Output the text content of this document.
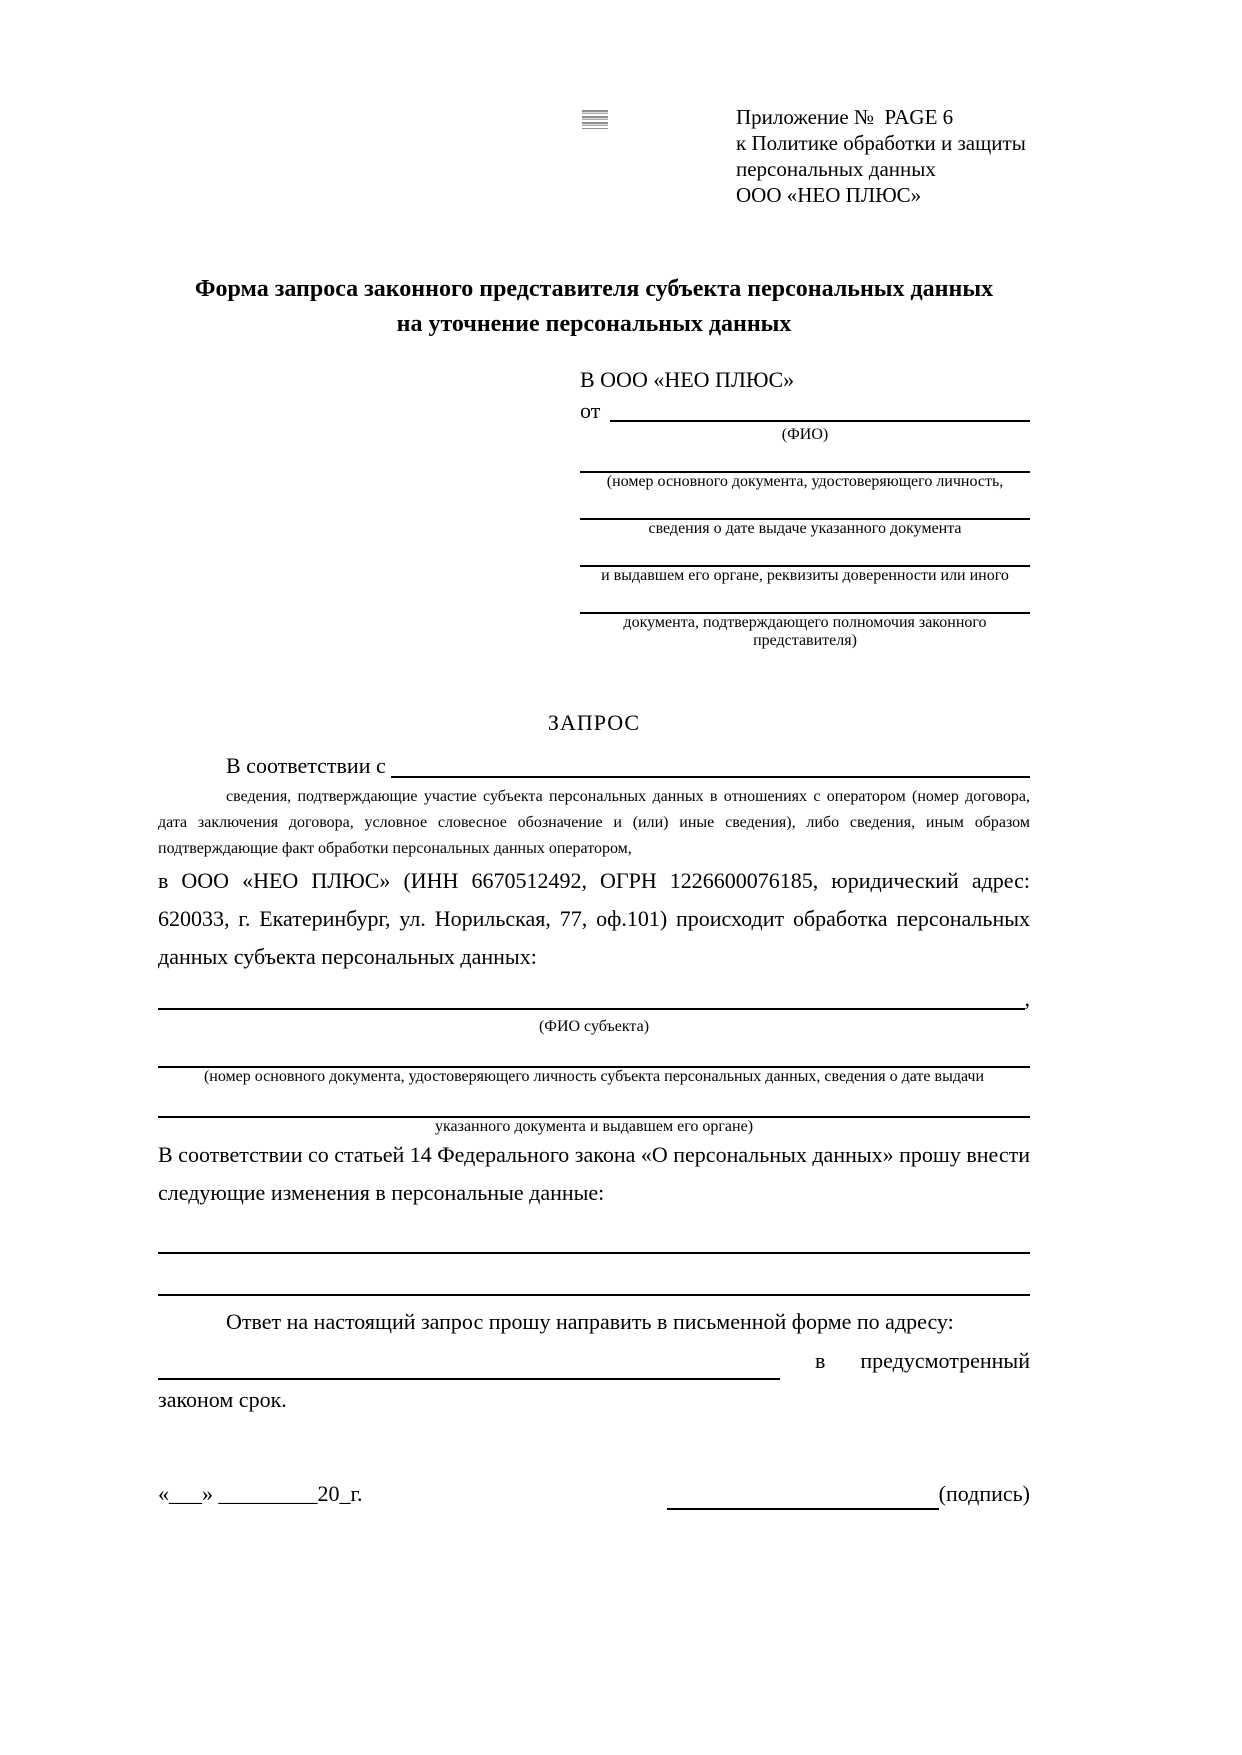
Приложение №  PAGE 6
к Политике обработки и защиты
персональных данных
ООО «НЕО ПЛЮС»
Форма запроса законного представителя субъекта персональных данных
на уточнение персональных данных
В ООО «НЕО ПЛЮС»
от
(ФИО)
(номер основного документа, удостоверяющего личность,
сведения о дате выдаче указанного документа
и выдавшем его органе, реквизиты доверенности или иного
документа, подтверждающего полномочия законного представителя)
ЗАПРОС
В соответствии с

сведения, подтверждающие участие субъекта персональных данных в отношениях с оператором (номер договора, дата заключения договора, условное словесное обозначение и (или) иные сведения), либо сведения, иным образом подтверждающие факт обработки персональных данных оператором,

в ООО «НЕО ПЛЮС» (ИНН 6670512492, ОГРН 1226600076185, юридический адрес: 620033, г. Екатеринбург, ул. Норильская, 77, оф.101) происходит обработка персональных данных субъекта персональных данных:

,
(ФИО субъекта)
(номер основного документа, удостоверяющего личность субъекта персональных данных, сведения о дате выдачи
указанного документа и выдавшем его органе)

В соответствии со статьей 14 Федерального закона «О персональных данных» прошу внести следующие изменения в персональные данные:

Ответ на настоящий запрос прошу направить в письменной форме по адресу:
в	предусмотренный
законом срок.
«___» _________20_г.	(подпись)
